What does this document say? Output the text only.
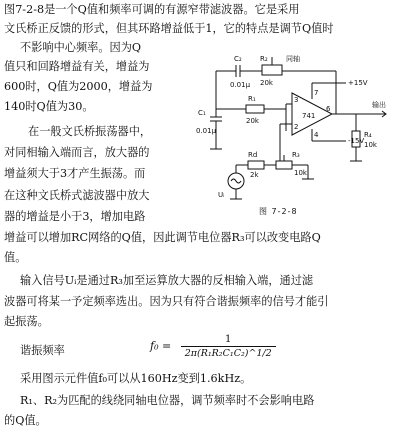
图7-2-8是一个Q值和频率可调的有源窄带滤波器。它是采用
文氏桥正反馈的形式，但其环路增益低于1，它的特点是调节Q值时
不影响中心频率。因为Q
值只和回路增益有关，增益为
600时，Q值为2000，增益为
140时Q值为30。
在一般文氏桥振荡器中，
对同相输入端而言，放大器的
增益须大于3才产生振荡。而
在这种文氏桥式滤波器中放大
器的增益是小于3，增加电路
增益可以增加RC网络的Q值，因此调节电位器R₃可以改变电路Q
值。
输入信号Uᵢ是通过R₃加至运算放大器的反相输入端，通过滤
波器可将某一予定频率选出。因为只有符合谐振频率的信号才能引
起振荡。
谐振频率	$f_0 = \frac{1}{\text{2π(R₁R₂C₁C₂)\textasciicircum{}1/2}}$
采用图示元件值f₀可以从160Hz变到1.6kHz。
R₁、R₂为匹配的线绕同轴电位器，调节频率时不会影响电路
的Q值。
C₂
0.01μ
R₂
20k
同轴
C₁
0.01μ
R₁
20k
741
+15V
-15V
输出
R₄
10k
R₃
10k
Rd
2k
Uᵢ
7
6
4
3
2
图 7-2-8
